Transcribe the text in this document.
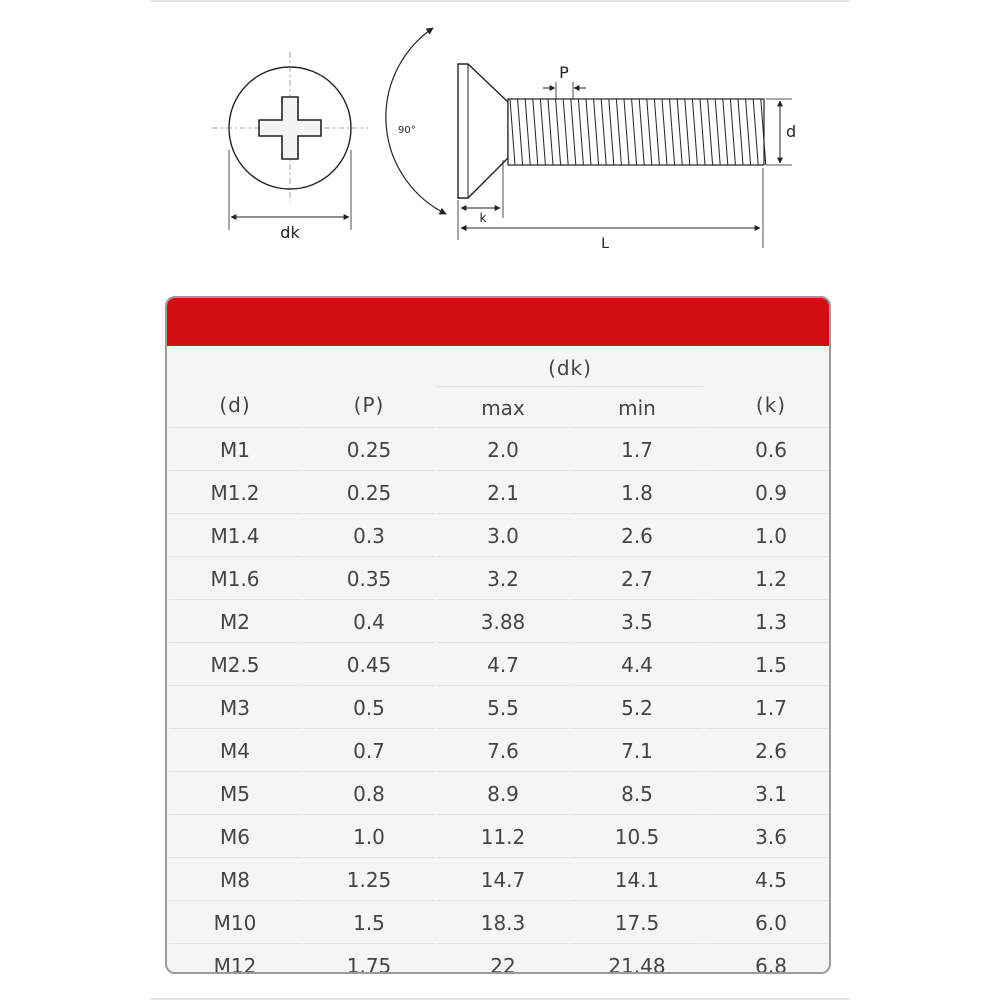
dk
90°
P
d
k
L
(d)	(P)	(dk)		(k)
		max	min	
M1	0.25	2.0	1.7	0.6
M1.2	0.25	2.1	1.8	0.9
M1.4	0.3	3.0	2.6	1.0
M1.6	0.35	3.2	2.7	1.2
M2	0.4	3.88	3.5	1.3
M2.5	0.45	4.7	4.4	1.5
M3	0.5	5.5	5.2	1.7
M4	0.7	7.6	7.1	2.6
M5	0.8	8.9	8.5	3.1
M6	1.0	11.2	10.5	3.6
M8	1.25	14.7	14.1	4.5
M10	1.5	18.3	17.5	6.0
M12	1.75	22	21.48	6.8
